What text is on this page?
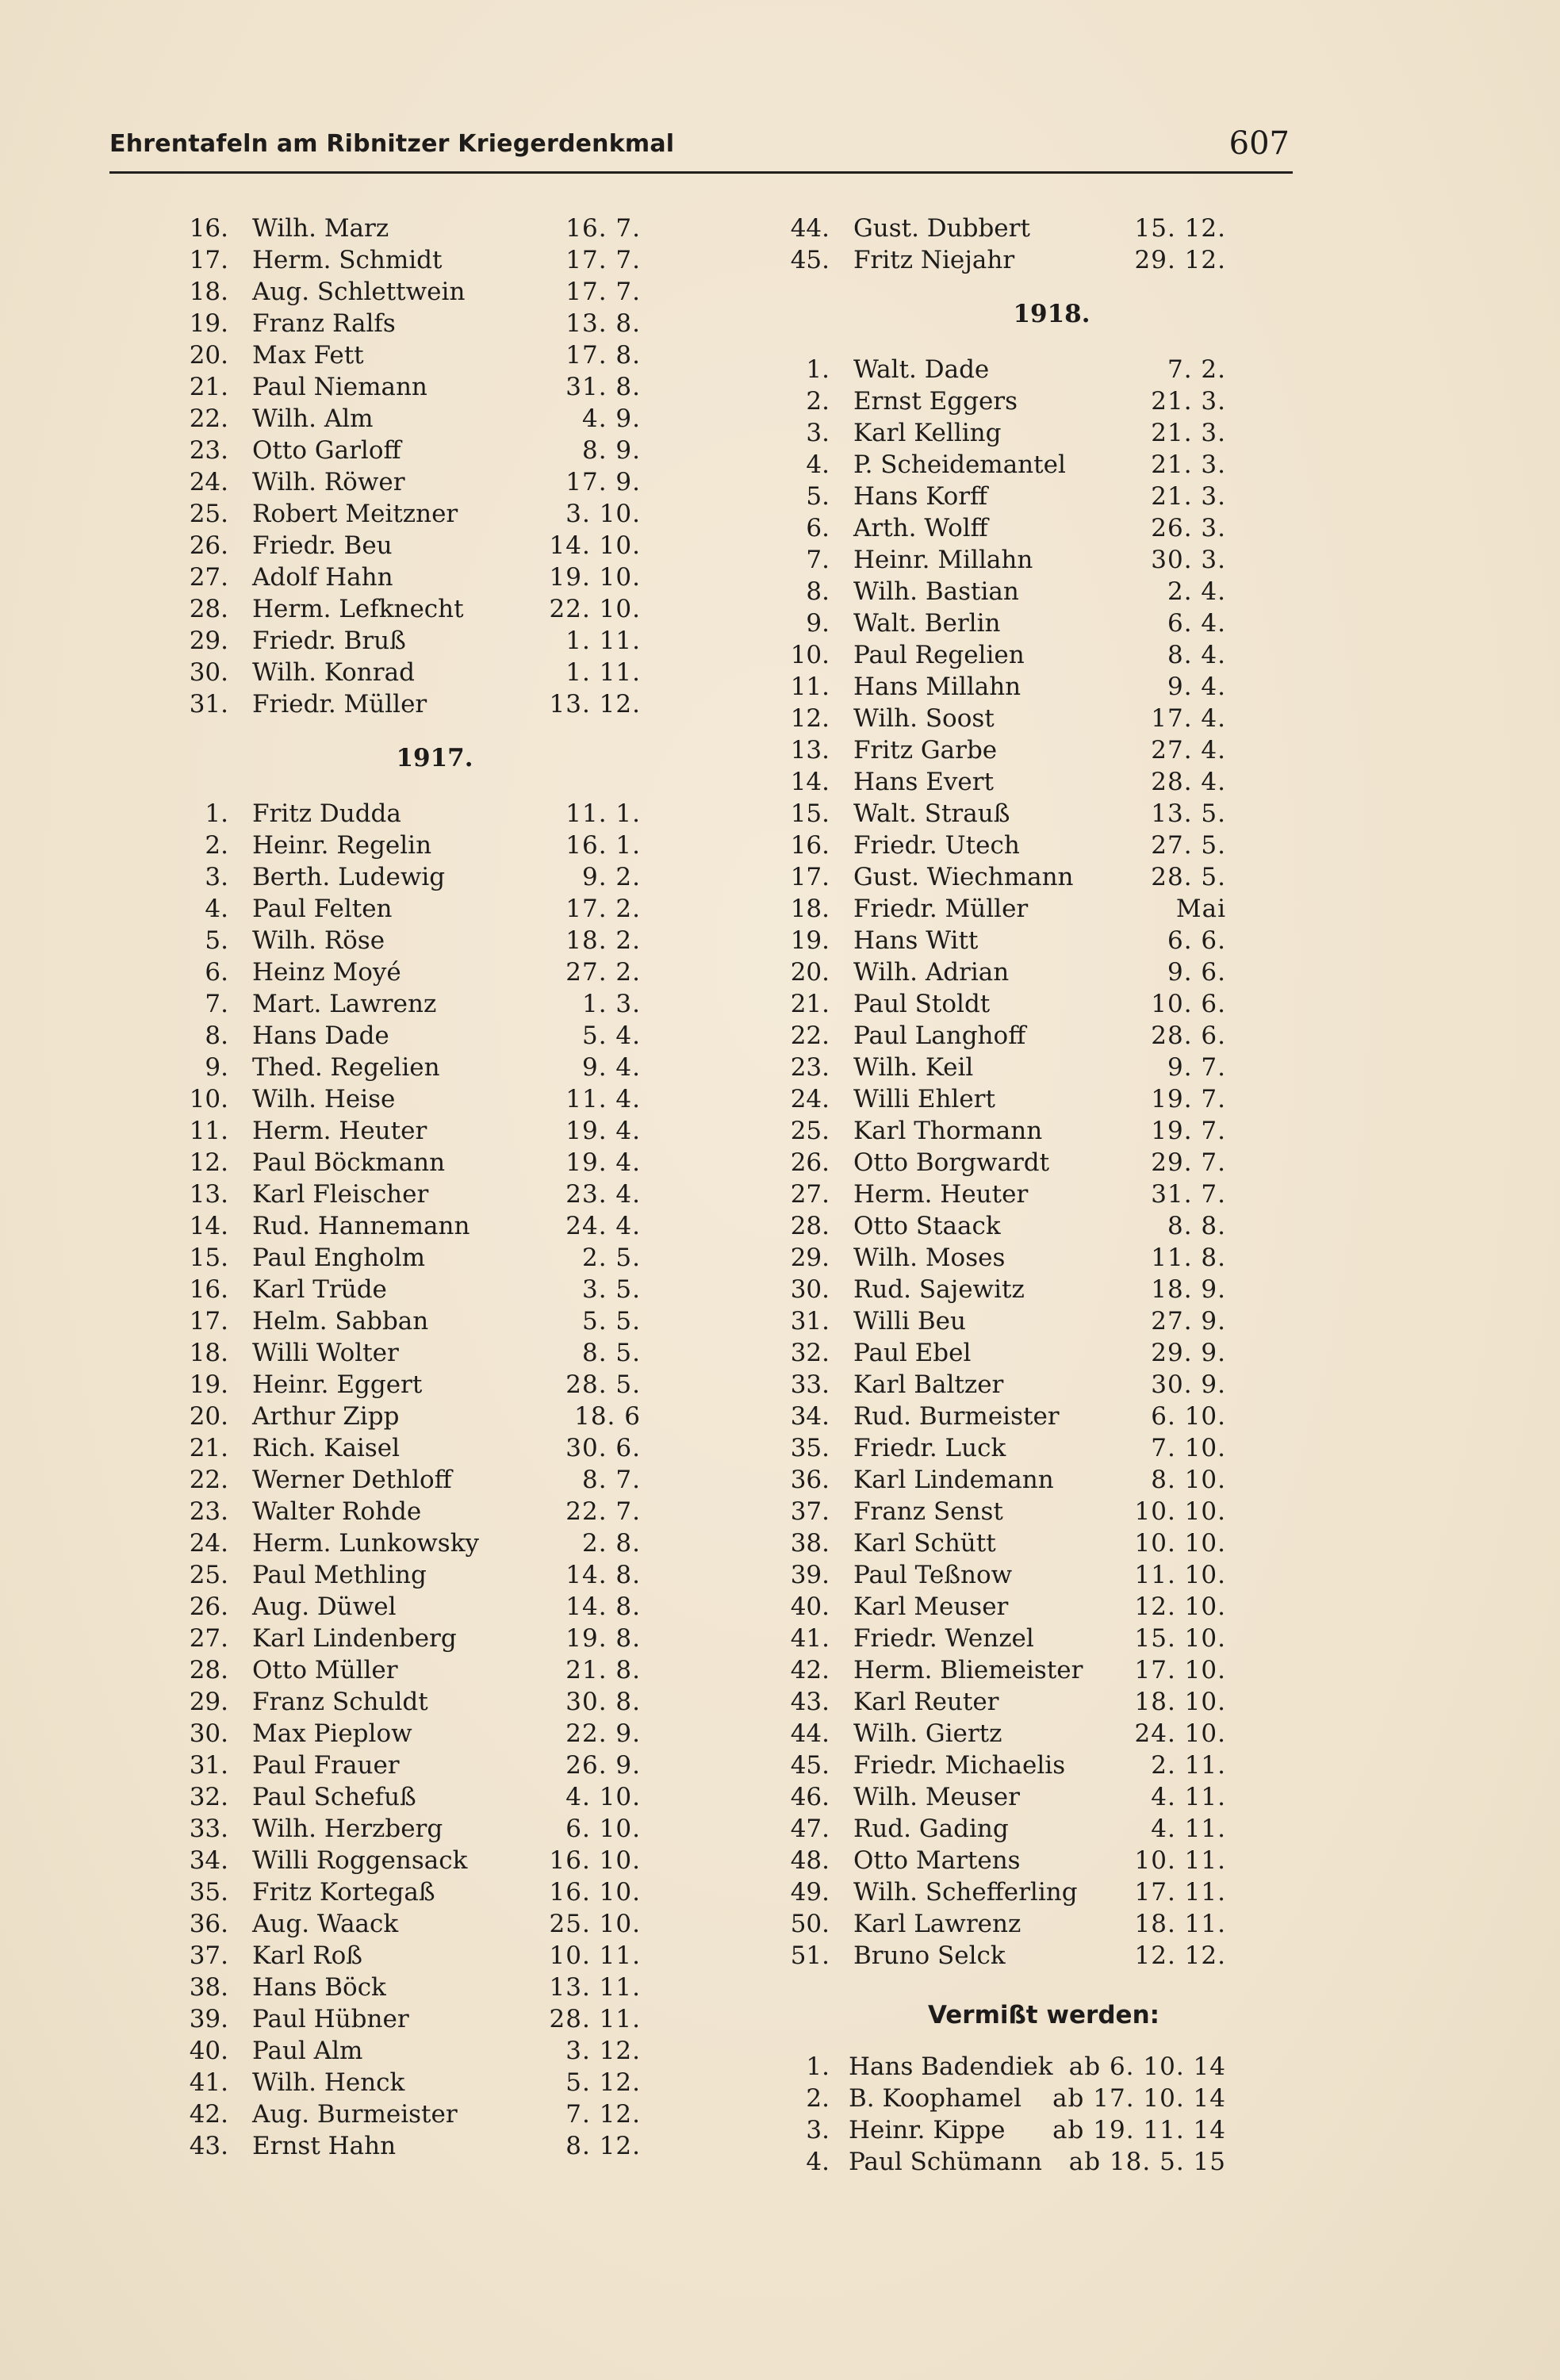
Ehrentafeln am Ribnitzer Kriegerdenkmal	607
16. Wilh. Marz	16. 7.
17. Herm. Schmidt	17. 7.
18. Aug. Schlettwein	17. 7.
19. Franz Ralfs	13. 8.
20. Max Fett	17. 8.
21. Paul Niemann	31. 8.
22. Wilh. Alm	4. 9.
23. Otto Garloff	8. 9.
24. Wilh. Röwer	17. 9.
25. Robert Meitzner	3. 10.
26. Friedr. Beu	14. 10.
27. Adolf Hahn	19. 10.
28. Herm. Lefknecht	22. 10.
29. Friedr. Bruß	1. 11.
30. Wilh. Konrad	1. 11.
31. Friedr. Müller	13. 12.
1917.
1. Fritz Dudda	11. 1.
2. Heinr. Regelin	16. 1.
3. Berth. Ludewig	9. 2.
4. Paul Felten	17. 2.
5. Wilh. Röse	18. 2.
6. Heinz Moyé	27. 2.
7. Mart. Lawrenz	1. 3.
8. Hans Dade	5. 4.
9. Thed. Regelien	9. 4.
10. Wilh. Heise	11. 4.
11. Herm. Heuter	19. 4.
12. Paul Böckmann	19. 4.
13. Karl Fleischer	23. 4.
14. Rud. Hannemann	24. 4.
15. Paul Engholm	2. 5.
16. Karl Trüde	3. 5.
17. Helm. Sabban	5. 5.
18. Willi Wolter	8. 5.
19. Heinr. Eggert	28. 5.
20. Arthur Zipp	18. 6
21. Rich. Kaisel	30. 6.
22. Werner Dethloff	8. 7.
23. Walter Rohde	22. 7.
24. Herm. Lunkowsky	2. 8.
25. Paul Methling	14. 8.
26. Aug. Düwel	14. 8.
27. Karl Lindenberg	19. 8.
28. Otto Müller	21. 8.
29. Franz Schuldt	30. 8.
30. Max Pieplow	22. 9.
31. Paul Frauer	26. 9.
32. Paul Schefuß	4. 10.
33. Wilh. Herzberg	6. 10.
34. Willi Roggensack	16. 10.
35. Fritz Kortegaß	16. 10.
36. Aug. Waack	25. 10.
37. Karl Roß	10. 11.
38. Hans Böck	13. 11.
39. Paul Hübner	28. 11.
40. Paul Alm	3. 12.
41. Wilh. Henck	5. 12.
42. Aug. Burmeister	7. 12.
43. Ernst Hahn	8. 12.
44. Gust. Dubbert	15. 12.
45. Fritz Niejahr	29. 12.
1918.
1. Walt. Dade	7. 2.
2. Ernst Eggers	21. 3.
3. Karl Kelling	21. 3.
4. P. Scheidemantel	21. 3.
5. Hans Korff	21. 3.
6. Arth. Wolff	26. 3.
7. Heinr. Millahn	30. 3.
8. Wilh. Bastian	2. 4.
9. Walt. Berlin	6. 4.
10. Paul Regelien	8. 4.
11. Hans Millahn	9. 4.
12. Wilh. Soost	17. 4.
13. Fritz Garbe	27. 4.
14. Hans Evert	28. 4.
15. Walt. Strauß	13. 5.
16. Friedr. Utech	27. 5.
17. Gust. Wiechmann	28. 5.
18. Friedr. Müller	Mai
19. Hans Witt	6. 6.
20. Wilh. Adrian	9. 6.
21. Paul Stoldt	10. 6.
22. Paul Langhoff	28. 6.
23. Wilh. Keil	9. 7.
24. Willi Ehlert	19. 7.
25. Karl Thormann	19. 7.
26. Otto Borgwardt	29. 7.
27. Herm. Heuter	31. 7.
28. Otto Staack	8. 8.
29. Wilh. Moses	11. 8.
30. Rud. Sajewitz	18. 9.
31. Willi Beu	27. 9.
32. Paul Ebel	29. 9.
33. Karl Baltzer	30. 9.
34. Rud. Burmeister	6. 10.
35. Friedr. Luck	7. 10.
36. Karl Lindemann	8. 10.
37. Franz Senst	10. 10.
38. Karl Schütt	10. 10.
39. Paul Teßnow	11. 10.
40. Karl Meuser	12. 10.
41. Friedr. Wenzel	15. 10.
42. Herm. Bliemeister	17. 10.
43. Karl Reuter	18. 10.
44. Wilh. Giertz	24. 10.
45. Friedr. Michaelis	2. 11.
46. Wilh. Meuser	4. 11.
47. Rud. Gading	4. 11.
48. Otto Martens	10. 11.
49. Wilh. Schefferling	17. 11.
50. Karl Lawrenz	18. 11.
51. Bruno Selck	12. 12.
Vermißt werden:
1. Hans Badendiek ab 6. 10. 14
2. B. Koophamel ab 17. 10. 14
3. Heinr. Kippe ab 19. 11. 14
4. Paul Schümann	ab 18. 5. 15
